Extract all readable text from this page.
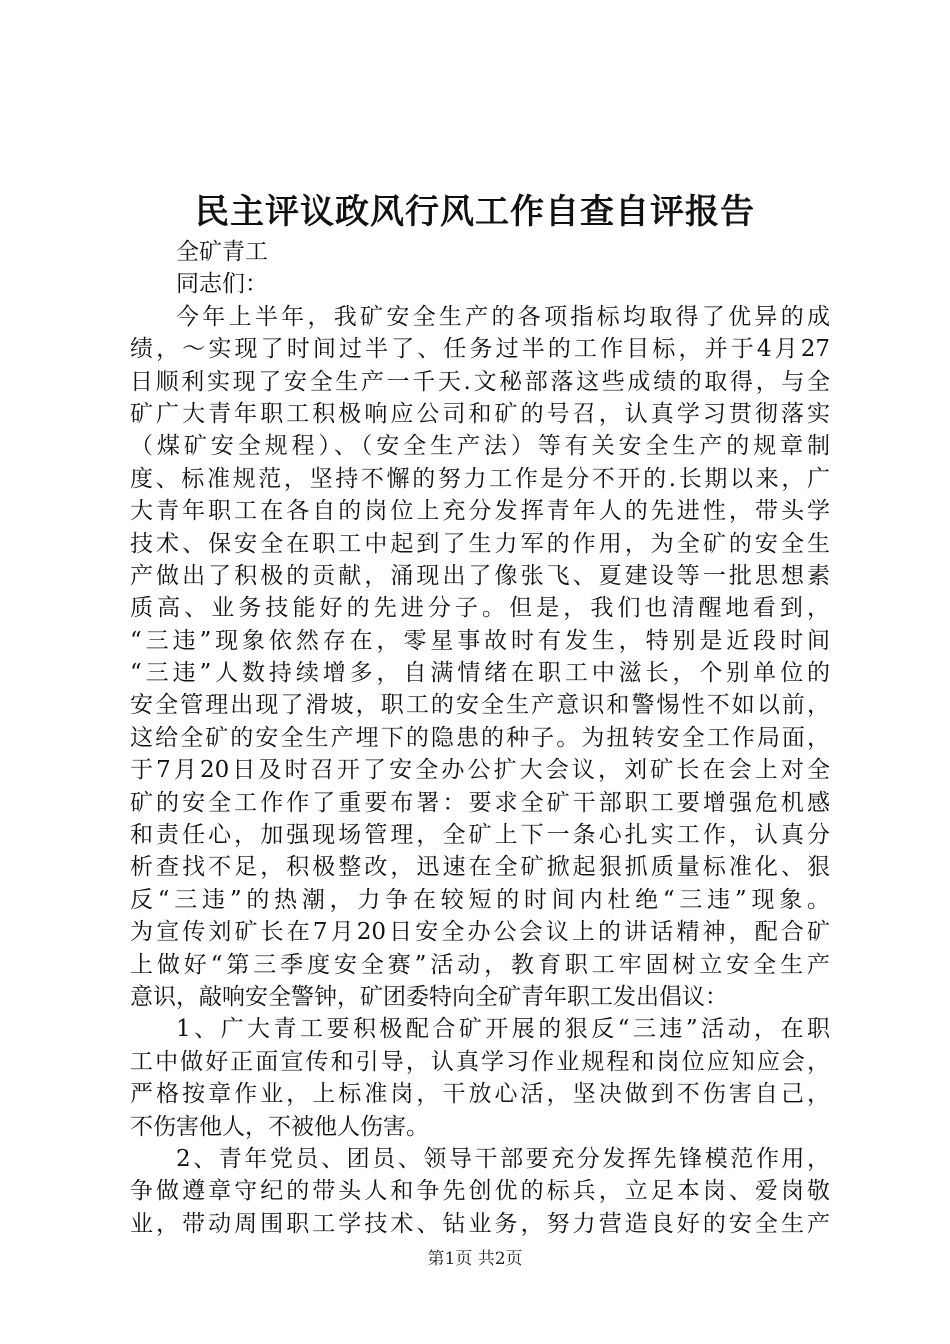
民主评议政风行风工作自查自评报告
全矿青工
同志们：
今年上半年，我矿安全生产的各项指标均取得了优异的成
绩，～实现了时间过半了、任务过半的工作目标，并于4月27
日顺利实现了安全生产一千天.文秘部落这些成绩的取得，与全
矿广大青年职工积极响应公司和矿的号召，认真学习贯彻落实
（煤矿安全规程）、（安全生产法）等有关安全生产的规章制
度、标准规范，坚持不懈的努力工作是分不开的.长期以来，广
大青年职工在各自的岗位上充分发挥青年人的先进性，带头学
技术、保安全在职工中起到了生力军的作用，为全矿的安全生
产做出了积极的贡献，涌现出了像张飞、夏建设等一批思想素
质高、业务技能好的先进分子。但是，我们也清醒地看到，
“三违”现象依然存在，零星事故时有发生，特别是近段时间
“三违”人数持续增多，自满情绪在职工中滋长，个别单位的
安全管理出现了滑坡，职工的安全生产意识和警惕性不如以前，
这给全矿的安全生产埋下的隐患的种子。为扭转安全工作局面，
于7月20日及时召开了安全办公扩大会议，刘矿长在会上对全
矿的安全工作作了重要布署：要求全矿干部职工要增强危机感
和责任心，加强现场管理，全矿上下一条心扎实工作，认真分
析查找不足，积极整改，迅速在全矿掀起狠抓质量标准化、狠
反“三违”的热潮，力争在较短的时间内杜绝“三违”现象。
为宣传刘矿长在7月20日安全办公会议上的讲话精神，配合矿
上做好“第三季度安全赛”活动，教育职工牢固树立安全生产
意识，敲响安全警钟，矿团委特向全矿青年职工发出倡议：
1、广大青工要积极配合矿开展的狠反“三违”活动，在职
工中做好正面宣传和引导，认真学习作业规程和岗位应知应会，
严格按章作业，上标准岗，干放心活，坚决做到不伤害自己，
不伤害他人，不被他人伤害。
2、青年党员、团员、领导干部要充分发挥先锋模范作用，
争做遵章守纪的带头人和争先创优的标兵，立足本岗、爱岗敬
业，带动周围职工学技术、钻业务，努力营造良好的安全生产
第1页 共2页
